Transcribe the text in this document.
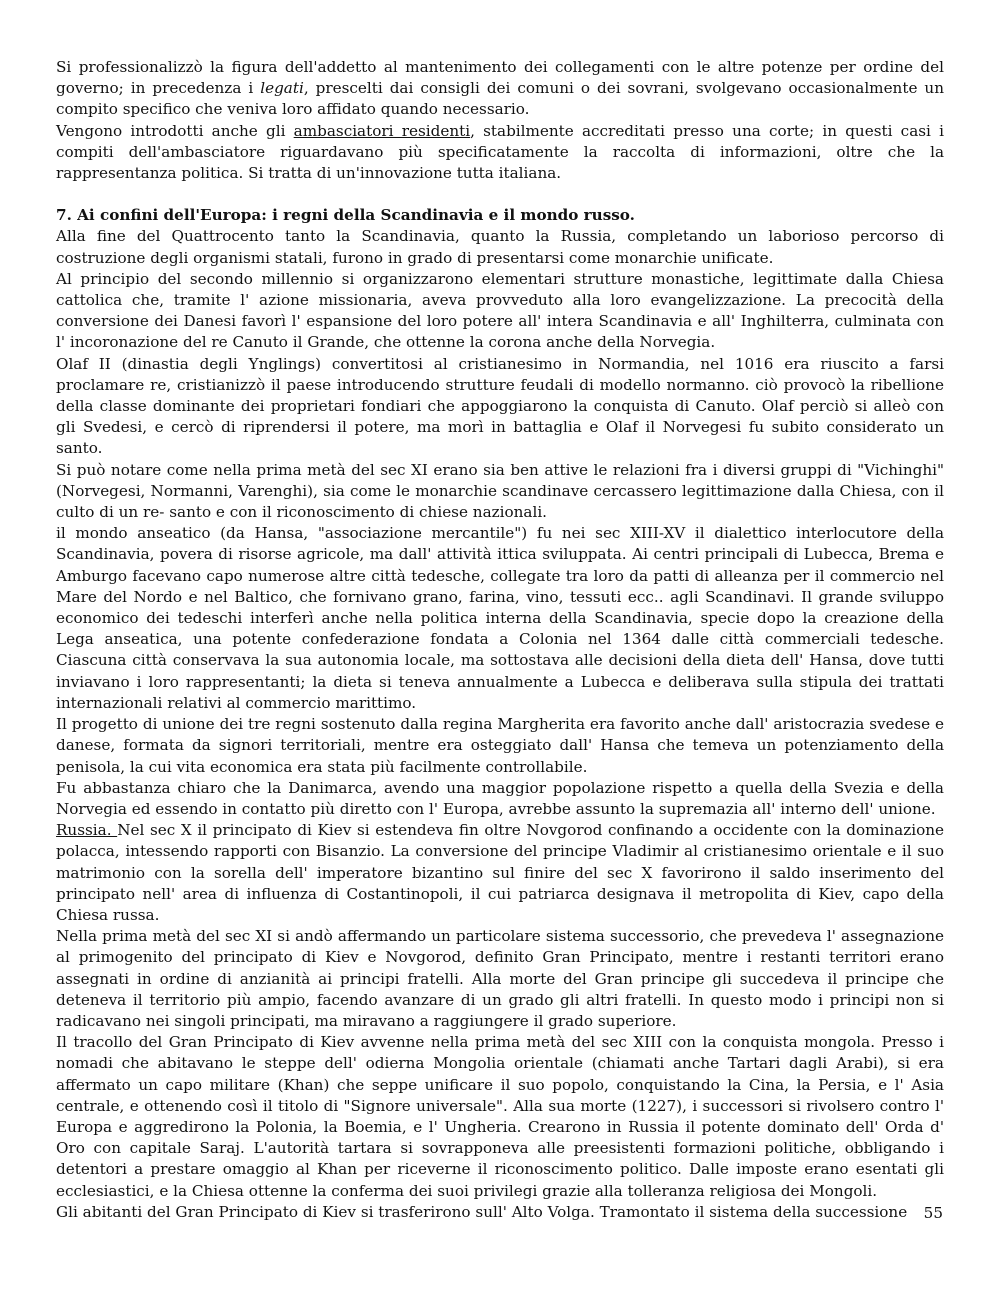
Si professionalizzò la figura dell'addetto al mantenimento dei collegamenti con le altre potenze per ordine del governo; in precedenza i legati, prescelti dai consigli dei comuni o dei sovrani, svolgevano occasionalmente un compito specifico che veniva loro affidato quando necessario.

Vengono introdotti anche gli ambasciatori residenti, stabilmente accreditati presso una corte; in questi casi i compiti dell'ambasciatore riguardavano più specificatamente la raccolta di informazioni, oltre che la rappresentanza politica. Si tratta di un'innovazione tutta italiana.

7. Ai confini dell'Europa: i regni della Scandinavia e il mondo russo.

Alla fine del Quattrocento tanto la Scandinavia, quanto la Russia, completando un laborioso percorso di costruzione degli organismi statali, furono in grado di presentarsi come monarchie unificate.

Al principio del secondo millennio si organizzarono elementari strutture monastiche, legittimate dalla Chiesa cattolica che, tramite l' azione missionaria, aveva provveduto alla loro evangelizzazione. La precocità della conversione dei Danesi favorì l' espansione del loro potere all' intera Scandinavia e all' Inghilterra, culminata con l' incoronazione del re Canuto il Grande, che ottenne la corona anche della Norvegia.

Olaf II (dinastia degli Ynglings) convertitosi al cristianesimo in Normandia, nel 1016 era riuscito a farsi proclamare re, cristianizzò il paese introducendo strutture feudali di modello normanno. ciò provocò la ribellione della classe dominante dei proprietari fondiari che appoggiarono la conquista di Canuto. Olaf perciò si alleò con gli Svedesi, e cercò di riprendersi il potere, ma morì in battaglia e Olaf il Norvegesi fu subito considerato un santo.

Si può notare come nella prima metà del sec XI erano sia ben attive le relazioni fra i diversi gruppi di "Vichinghi" (Norvegesi, Normanni, Varenghi), sia come le monarchie scandinave cercassero legittimazione dalla Chiesa, con il culto di un re- santo e con il riconoscimento di chiese nazionali.

il mondo anseatico (da Hansa, "associazione mercantile") fu nei sec XIII-XV il dialettico interlocutore della Scandinavia, povera di risorse agricole, ma dall' attività ittica sviluppata. Ai centri principali di Lubecca, Brema e Amburgo facevano capo numerose altre città tedesche, collegate tra loro da patti di alleanza per il commercio nel Mare del Nordo e nel Baltico, che fornivano grano, farina, vino, tessuti ecc.. agli Scandinavi. Il grande sviluppo economico dei tedeschi interferì anche nella politica interna della Scandinavia, specie dopo la creazione della Lega anseatica, una potente confederazione fondata a Colonia nel 1364 dalle città commerciali tedesche. Ciascuna città conservava la sua autonomia locale, ma sottostava alle decisioni della dieta dell' Hansa, dove tutti inviavano i loro rappresentanti; la dieta si teneva annualmente a Lubecca e deliberava sulla stipula dei trattati internazionali relativi al commercio marittimo.

Il progetto di unione dei tre regni sostenuto dalla regina Margherita era favorito anche dall' aristocrazia svedese e danese, formata da signori territoriali, mentre era osteggiato dall' Hansa che temeva un potenziamento della penisola, la cui vita economica era stata più facilmente controllabile.

Fu abbastanza chiaro che la Danimarca, avendo una maggior popolazione rispetto a quella della Svezia e della Norvegia ed essendo in contatto più diretto con l' Europa, avrebbe assunto la supremazia all' interno dell' unione.

Russia. Nel sec X il principato di Kiev si estendeva fin oltre Novgorod confinando a occidente con la dominazione polacca, intessendo rapporti con Bisanzio. La conversione del principe Vladimir al cristianesimo orientale e il suo matrimonio con la sorella dell' imperatore bizantino sul finire del sec X favorirono il saldo inserimento del principato nell' area di influenza di Costantinopoli, il cui patriarca designava il metropolita di Kiev, capo della Chiesa russa.

Nella prima metà del sec XI si andò affermando un particolare sistema successorio, che prevedeva l' assegnazione al primogenito del principato di Kiev e Novgorod, definito Gran Principato, mentre i restanti territori erano assegnati in ordine di anzianità ai principi fratelli. Alla morte del Gran principe gli succedeva il principe che deteneva il territorio più ampio, facendo avanzare di un grado gli altri fratelli. In questo modo i principi non si radicavano nei singoli principati, ma miravano a raggiungere il grado superiore.

Il tracollo del Gran Principato di Kiev avvenne nella prima metà del sec XIII con la conquista mongola. Presso i nomadi che abitavano le steppe dell' odierna Mongolia orientale (chiamati anche Tartari dagli Arabi), si era affermato un capo militare (Khan) che seppe unificare il suo popolo, conquistando la Cina, la Persia, e l' Asia centrale, e ottenendo così il titolo di "Signore universale". Alla sua morte (1227), i successori si rivolsero contro l' Europa e aggredirono la Polonia, la Boemia, e l' Ungheria. Crearono in Russia il potente dominato dell' Orda d' Oro con capitale Saraj. L'autorità tartara si sovrapponeva alle preesistenti formazioni politiche, obbligando i detentori a prestare omaggio al Khan per riceverne il riconoscimento politico. Dalle imposte erano esentati gli ecclesiastici, e la Chiesa ottenne la conferma dei suoi privilegi grazie alla tolleranza religiosa dei Mongoli.

Gli abitanti del Gran Principato di Kiev si trasferirono sull' Alto Volga. Tramontato il sistema della successione	55
